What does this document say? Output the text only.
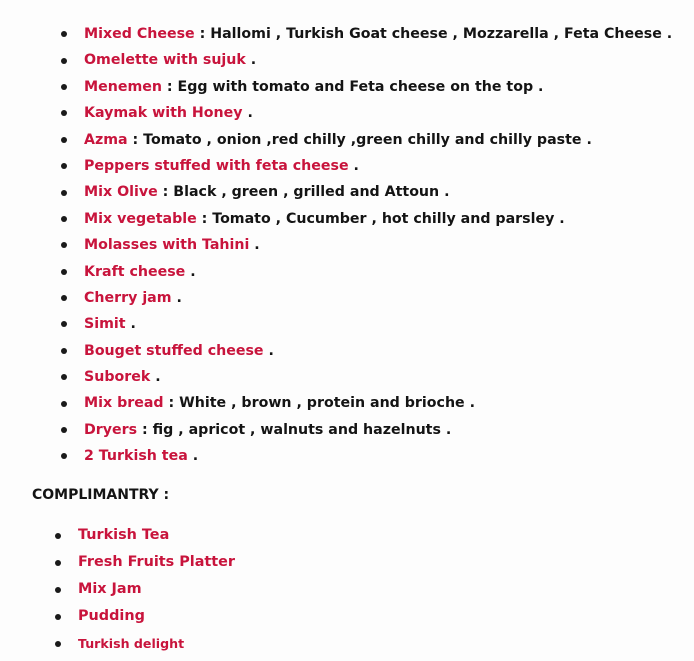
Mixed Cheese : Hallomi , Turkish Goat cheese , Mozzarella , Feta Cheese .
Omelette with sujuk .
Menemen : Egg with tomato and Feta cheese on the top .
Kaymak with Honey .
Azma : Tomato , onion ,red chilly ,green chilly and chilly paste .
Peppers stuffed with feta cheese .
Mix Olive : Black , green , grilled and Attoun .
Mix vegetable : Tomato , Cucumber , hot chilly and parsley .
Molasses with Tahini .
Kraft cheese .
Cherry jam .
Simit .
Bouget stuffed cheese .
Suborek .
Mix bread : White , brown , protein and brioche .
Dryers : fig , apricot , walnuts and hazelnuts .
2 Turkish tea .
COMPLIMANTRY :
Turkish Tea
Fresh Fruits Platter
Mix Jam
Pudding
Turkish delight
